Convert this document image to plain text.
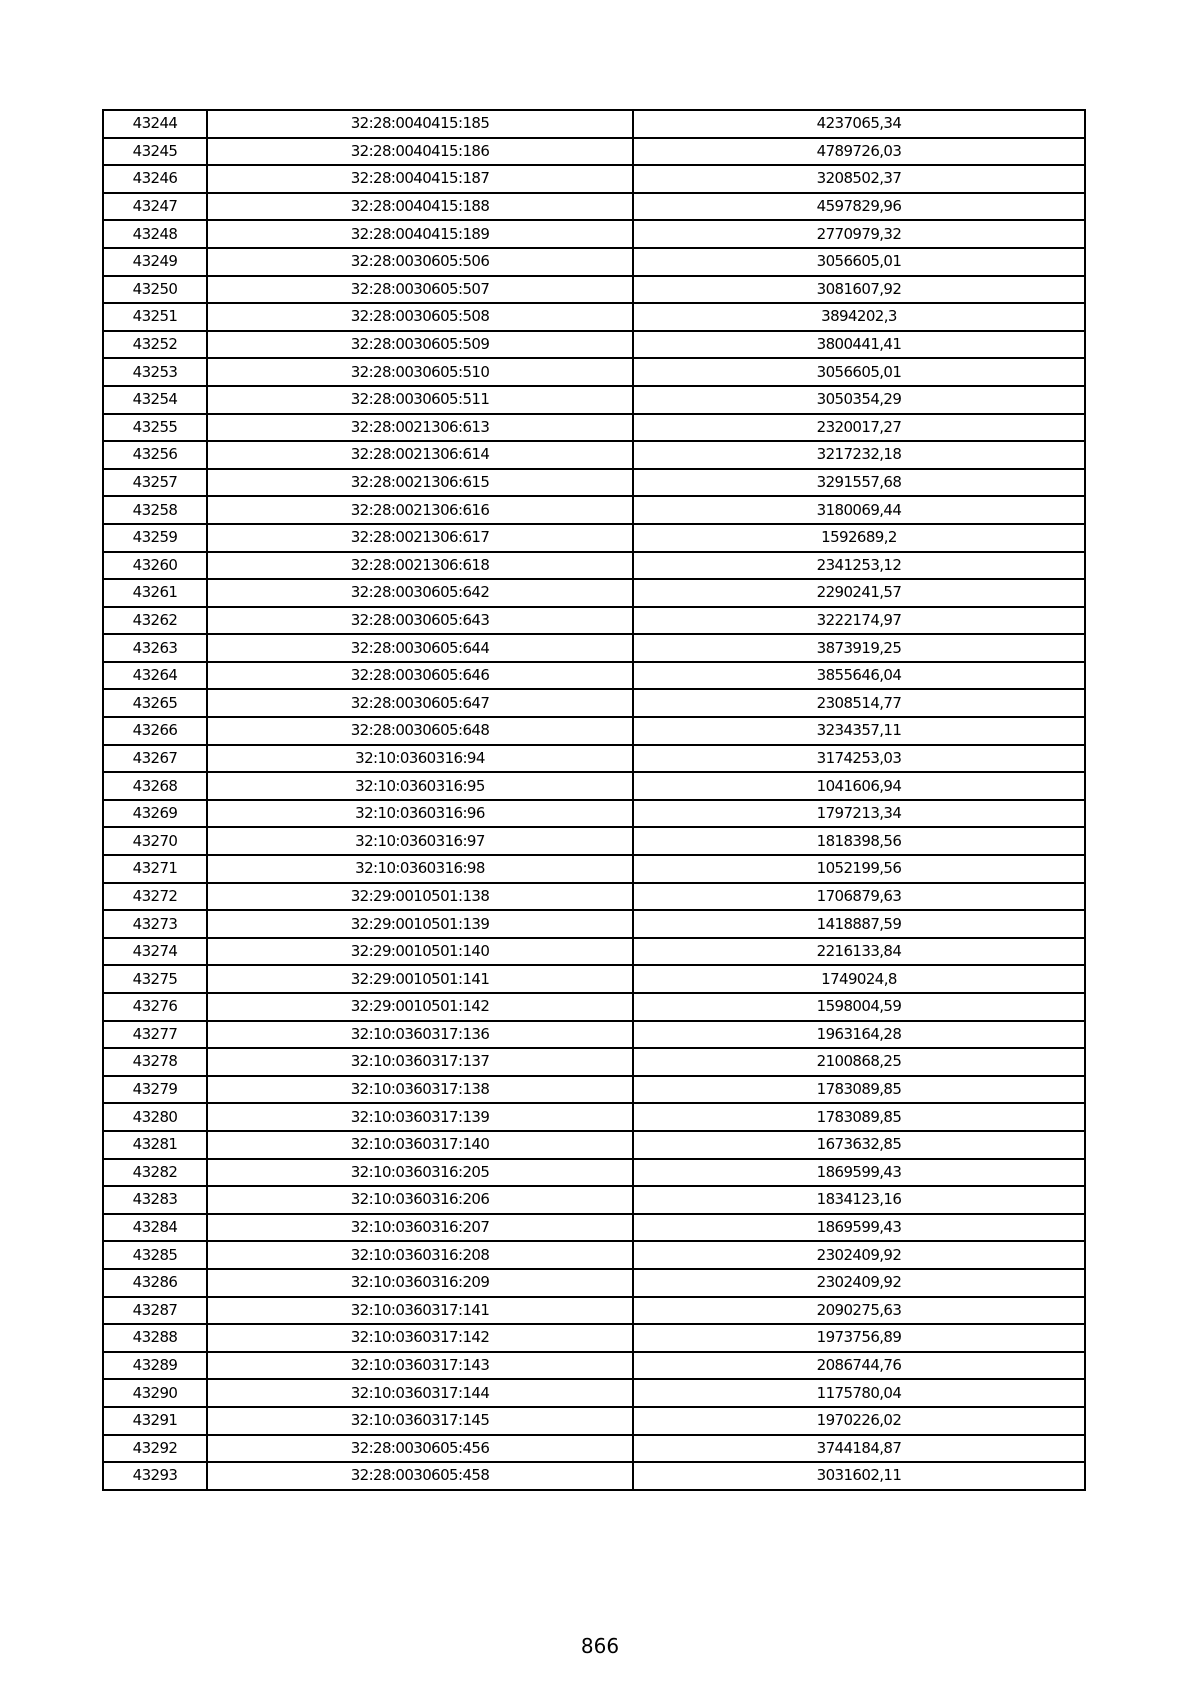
43244	32:28:0040415:185	4237065,34
43245	32:28:0040415:186	4789726,03
43246	32:28:0040415:187	3208502,37
43247	32:28:0040415:188	4597829,96
43248	32:28:0040415:189	2770979,32
43249	32:28:0030605:506	3056605,01
43250	32:28:0030605:507	3081607,92
43251	32:28:0030605:508	3894202,3
43252	32:28:0030605:509	3800441,41
43253	32:28:0030605:510	3056605,01
43254	32:28:0030605:511	3050354,29
43255	32:28:0021306:613	2320017,27
43256	32:28:0021306:614	3217232,18
43257	32:28:0021306:615	3291557,68
43258	32:28:0021306:616	3180069,44
43259	32:28:0021306:617	1592689,2
43260	32:28:0021306:618	2341253,12
43261	32:28:0030605:642	2290241,57
43262	32:28:0030605:643	3222174,97
43263	32:28:0030605:644	3873919,25
43264	32:28:0030605:646	3855646,04
43265	32:28:0030605:647	2308514,77
43266	32:28:0030605:648	3234357,11
43267	32:10:0360316:94	3174253,03
43268	32:10:0360316:95	1041606,94
43269	32:10:0360316:96	1797213,34
43270	32:10:0360316:97	1818398,56
43271	32:10:0360316:98	1052199,56
43272	32:29:0010501:138	1706879,63
43273	32:29:0010501:139	1418887,59
43274	32:29:0010501:140	2216133,84
43275	32:29:0010501:141	1749024,8
43276	32:29:0010501:142	1598004,59
43277	32:10:0360317:136	1963164,28
43278	32:10:0360317:137	2100868,25
43279	32:10:0360317:138	1783089,85
43280	32:10:0360317:139	1783089,85
43281	32:10:0360317:140	1673632,85
43282	32:10:0360316:205	1869599,43
43283	32:10:0360316:206	1834123,16
43284	32:10:0360316:207	1869599,43
43285	32:10:0360316:208	2302409,92
43286	32:10:0360316:209	2302409,92
43287	32:10:0360317:141	2090275,63
43288	32:10:0360317:142	1973756,89
43289	32:10:0360317:143	2086744,76
43290	32:10:0360317:144	1175780,04
43291	32:10:0360317:145	1970226,02
43292	32:28:0030605:456	3744184,87
43293	32:28:0030605:458	3031602,11
866
